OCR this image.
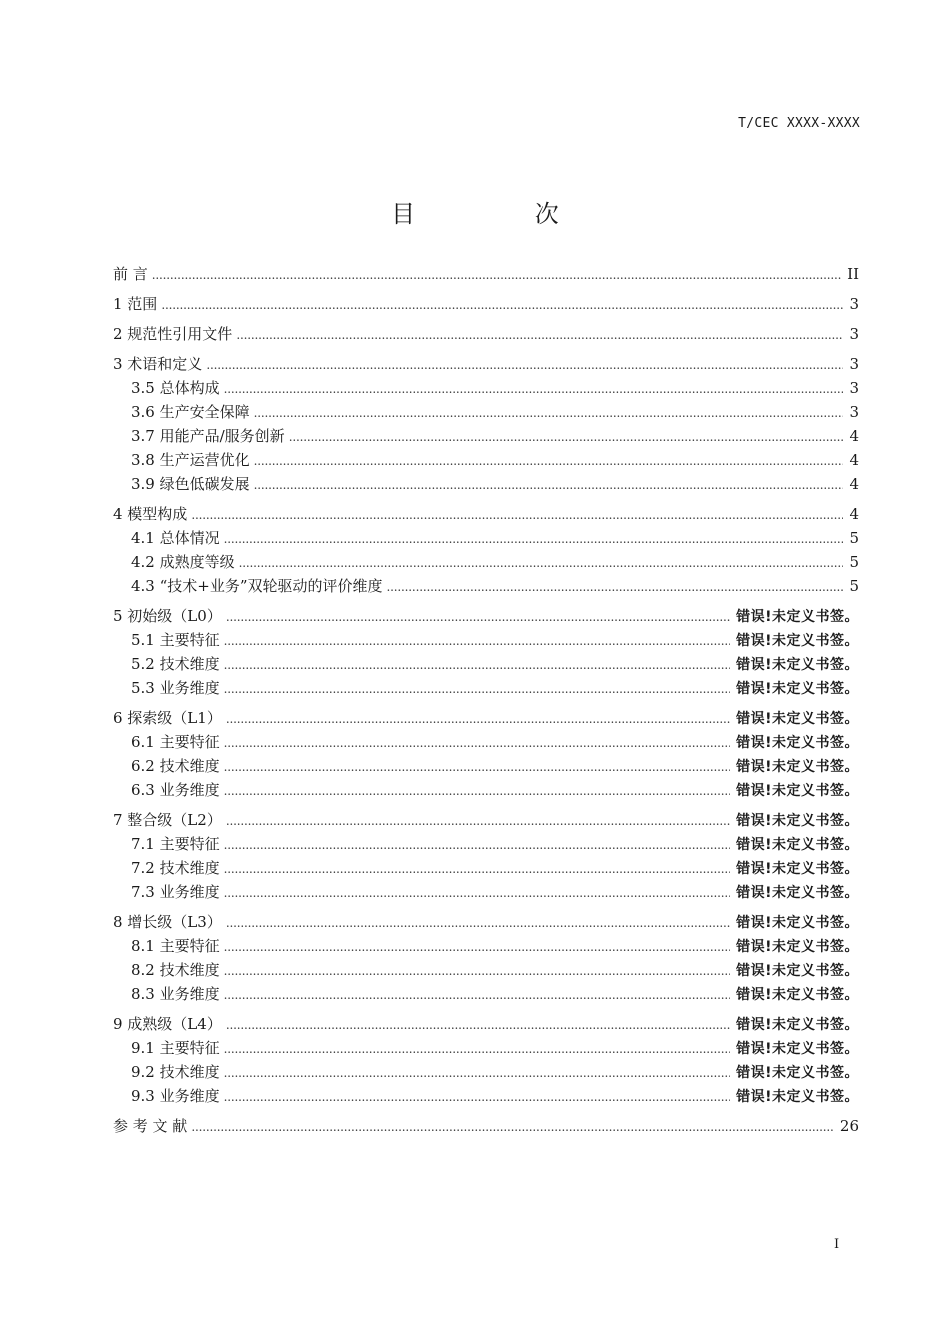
T/CEC XXXX-XXXX
目 次
前 言 . . .	II
1 范围 . . .	3
2 规范性引用文件 . . .	3
3 术语和定义 . . .	3
3.5 总体构成 . . .	3
3.6 生产安全保障 . . .	3
3.7 用能产品/服务创新 . . .	4
3.8 生产运营优化 . . .	4
3.9 绿色低碳发展 . . .	4
4 模型构成 . . .	4
4.1 总体情况 . . .	5
4.2 成熟度等级 . . .	5
4.3 “技术+业务”双轮驱动的评价维度 . . .	5
5 初始级（L0） . . .	错误!未定义书签。
5.1 主要特征 . . .	错误!未定义书签。
5.2 技术维度 . . .	错误!未定义书签。
5.3 业务维度 . . .	错误!未定义书签。
6 探索级（L1） . . .	错误!未定义书签。
6.1 主要特征 . . .	错误!未定义书签。
6.2 技术维度 . . .	错误!未定义书签。
6.3 业务维度 . . .	错误!未定义书签。
7 整合级（L2） . . .	错误!未定义书签。
7.1 主要特征 . . .	错误!未定义书签。
7.2 技术维度 . . .	错误!未定义书签。
7.3 业务维度 . . .	错误!未定义书签。
8 增长级（L3） . . .	错误!未定义书签。
8.1 主要特征 . . .	错误!未定义书签。
8.2 技术维度 . . .	错误!未定义书签。
8.3 业务维度 . . .	错误!未定义书签。
9 成熟级（L4） . . .	错误!未定义书签。
9.1 主要特征 . . .	错误!未定义书签。
9.2 技术维度 . . .	错误!未定义书签。
9.3 业务维度 . . .	错误!未定义书签。
参 考 文 献 . . .	26
I
